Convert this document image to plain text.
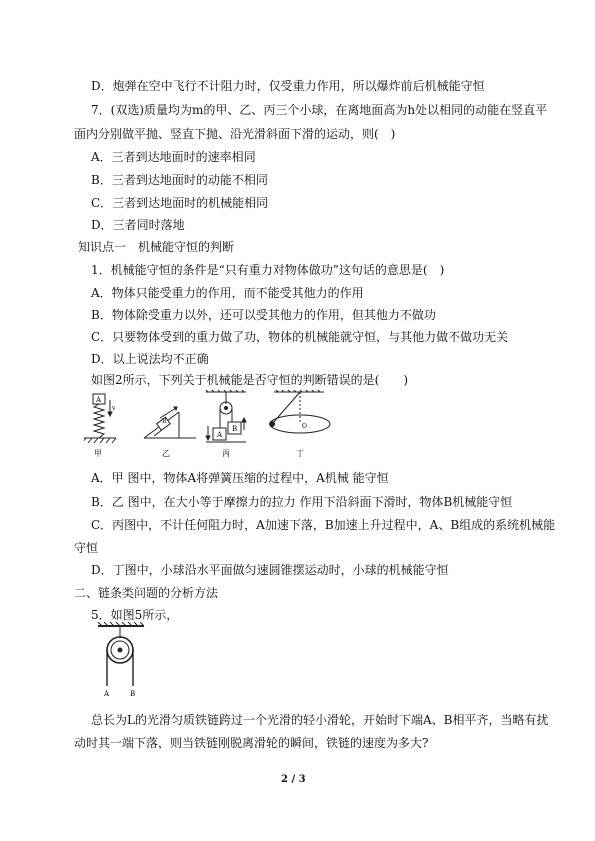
D．炮弹在空中飞行不计阻力时，仅受重力作用，所以爆炸前后机械能守恒
7．(双选)质量均为m的甲、乙、丙三个小球，在离地面高为h处以相同的动能在竖直平
面内分别做平抛、竖直下抛、沿光滑斜面下滑的运动，则(　)
A．三者到达地面时的速率相同
B．三者到达地面时的动能不相同
C．三者到达地面时的机械能相同
D．三者同时落地
知识点一　机械能守恒的判断
1．机械能守恒的条件是“只有重力对物体做功”这句话的意思是(　)
A．物体只能受重力的作用，而不能受其他力的作用
B．物体除受重力以外，还可以受其他力的作用，但其他力不做功
C．只要物体受到的重力做了功，物体的机械能就守恒，与其他力做不做功无关
D．以上说法均不正确
如图2所示，下列关于机械能是否守恒的判断错误的是(　　)
A
v
B
A
B	O
甲	乙	丙	丁
A．甲 图中，物体A将弹簧压缩的过程中，A机械 能守恒
B．乙 图中，在大小等于摩擦力的拉力 作用下沿斜面下滑时，物体B机械能守恒
C．丙图中，不计任何阻力时，A加速下落，B加速上升过程中，A、B组成的系统机械能
守恒
D．丁图中，小球沿水平面做匀速圆锥摆运动时，小球的机械能守恒
二、链条类问题的分析方法
5．如图5所示，
A	B
总长为L的光滑匀质铁链跨过一个光滑的轻小滑轮，开始时下端A、B相平齐，当略有扰
动时其一端下落，则当铁链刚脱离滑轮的瞬间，铁链的速度为多大?
2 / 3
